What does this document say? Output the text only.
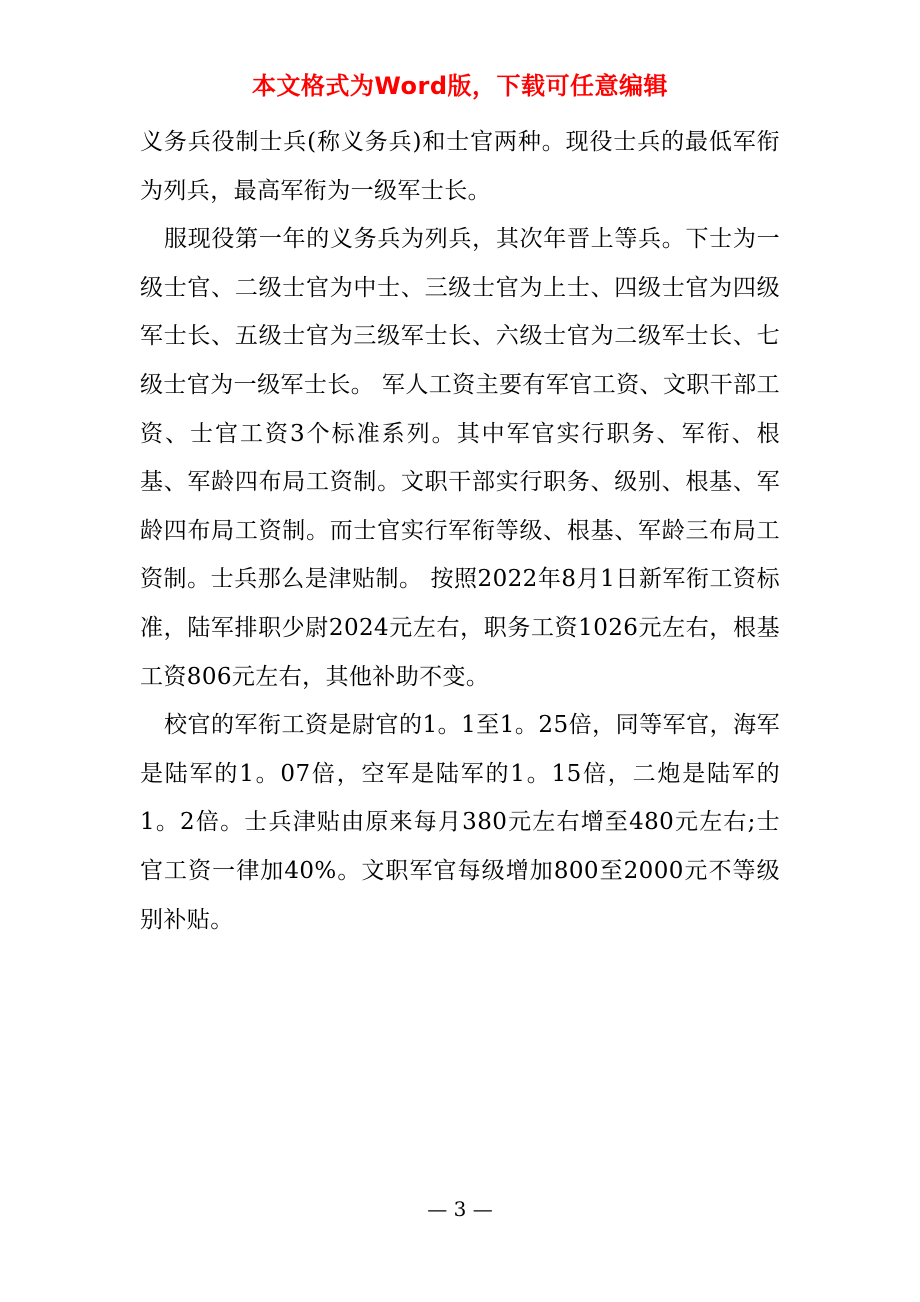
本文格式为Word版，下载可任意编辑

义务兵役制士兵(称义务兵)和士官两种。现役士兵的最低军衔为列兵，最高军衔为一级军士长。

服现役第一年的义务兵为列兵，其次年晋上等兵。下士为一级士官、二级士官为中士、三级士官为上士、四级士官为四级军士长、五级士官为三级军士长、六级士官为二级军士长、七级士官为一级军士长。 军人工资主要有军官工资、文职干部工资、士官工资3个标准系列。其中军官实行职务、军衔、根基、军龄四布局工资制。文职干部实行职务、级别、根基、军龄四布局工资制。而士官实行军衔等级、根基、军龄三布局工资制。士兵那么是津贴制。 按照2022年8月1日新军衔工资标准，陆军排职少尉2024元左右，职务工资1026元左右，根基工资806元左右，其他补助不变。

校官的军衔工资是尉官的1。1至1。25倍，同等军官，海军是陆军的1。07倍，空军是陆军的1。15倍，二炮是陆军的1。2倍。士兵津贴由原来每月380元左右增至480元左右;士官工资一律加40%。文职军官每级增加800至2000元不等级别补贴。

— 3 —
